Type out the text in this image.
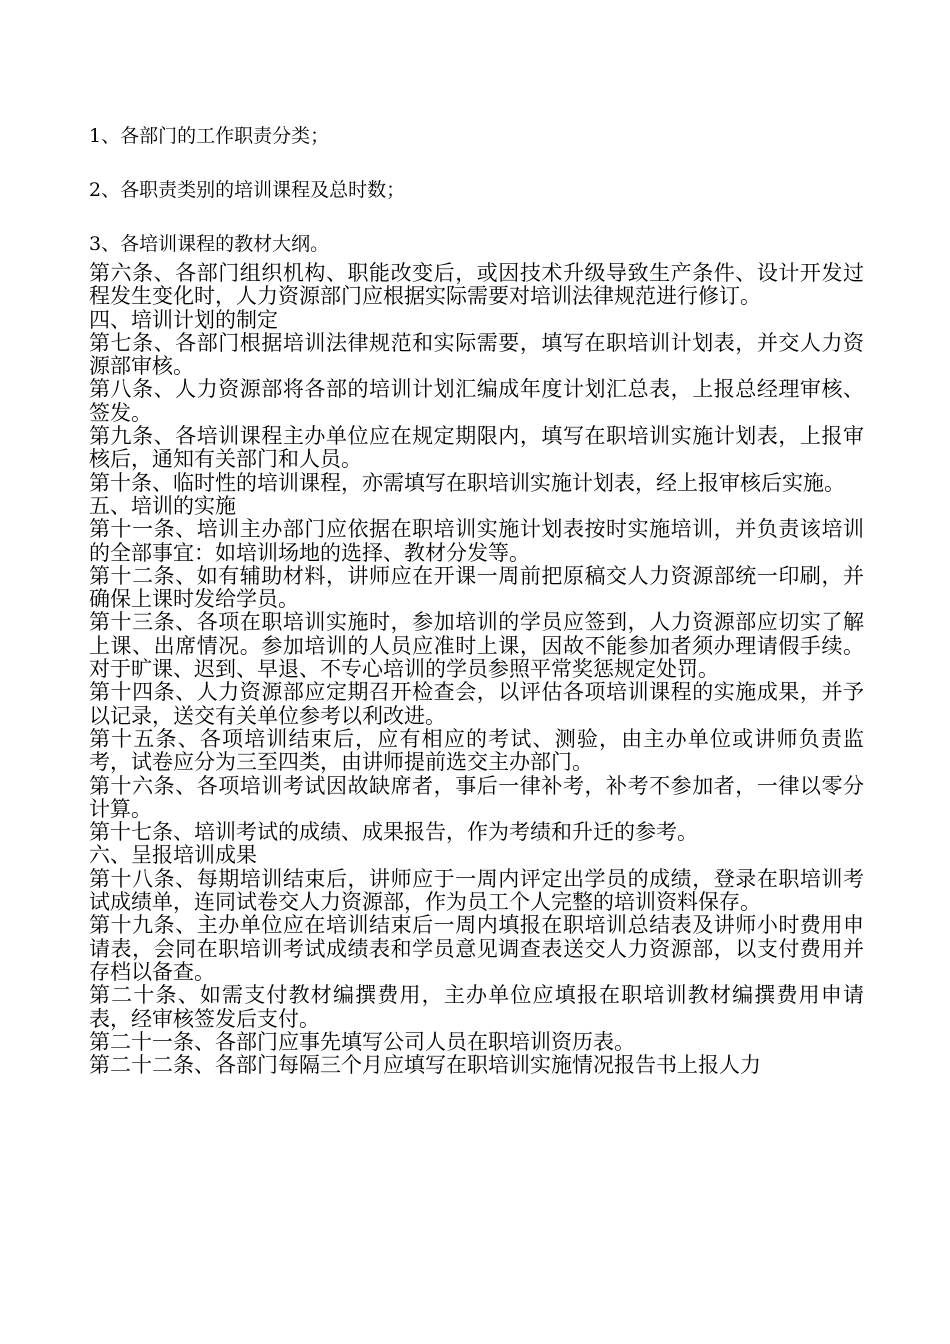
1、各部门的工作职责分类；
2、各职责类别的培训课程及总时数；
3、各培训课程的教材大纲。

第六条、各部门组织机构、职能改变后，或因技术升级导致生产条件、设计开发过程发生变化时，人力资源部门应根据实际需要对培训法律规范进行修订。

四、培训计划的制定

第七条、各部门根据培训法律规范和实际需要，填写在职培训计划表，并交人力资源部审核。

第八条、人力资源部将各部的培训计划汇编成年度计划汇总表，上报总经理审核、签发。

第九条、各培训课程主办单位应在规定期限内，填写在职培训实施计划表，上报审核后，通知有关部门和人员。

第十条、临时性的培训课程，亦需填写在职培训实施计划表，经上报审核后实施。

五、培训的实施

第十一条、培训主办部门应依据在职培训实施计划表按时实施培训，并负责该培训的全部事宜：如培训场地的选择、教材分发等。

第十二条、如有辅助材料，讲师应在开课一周前把原稿交人力资源部统一印刷，并确保上课时发给学员。

第十三条、各项在职培训实施时，参加培训的学员应签到，人力资源部应切实了解上课、出席情况。参加培训的人员应准时上课，因故不能参加者须办理请假手续。对于旷课、迟到、早退、不专心培训的学员参照平常奖惩规定处罚。

第十四条、人力资源部应定期召开检查会，以评估各项培训课程的实施成果，并予以记录，送交有关单位参考以利改进。

第十五条、各项培训结束后，应有相应的考试、测验，由主办单位或讲师负责监考，试卷应分为三至四类，由讲师提前选交主办部门。

第十六条、各项培训考试因故缺席者，事后一律补考，补考不参加者，一律以零分计算。

第十七条、培训考试的成绩、成果报告，作为考绩和升迁的参考。

六、呈报培训成果

第十八条、每期培训结束后，讲师应于一周内评定出学员的成绩，登录在职培训考试成绩单，连同试卷交人力资源部，作为员工个人完整的培训资料保存。

第十九条、主办单位应在培训结束后一周内填报在职培训总结表及讲师小时费用申请表，会同在职培训考试成绩表和学员意见调查表送交人力资源部，以支付费用并存档以备查。

第二十条、如需支付教材编撰费用，主办单位应填报在职培训教材编撰费用申请表，经审核签发后支付。

第二十一条、各部门应事先填写公司人员在职培训资历表。

第二十二条、各部门每隔三个月应填写在职培训实施情况报告书上报人力
